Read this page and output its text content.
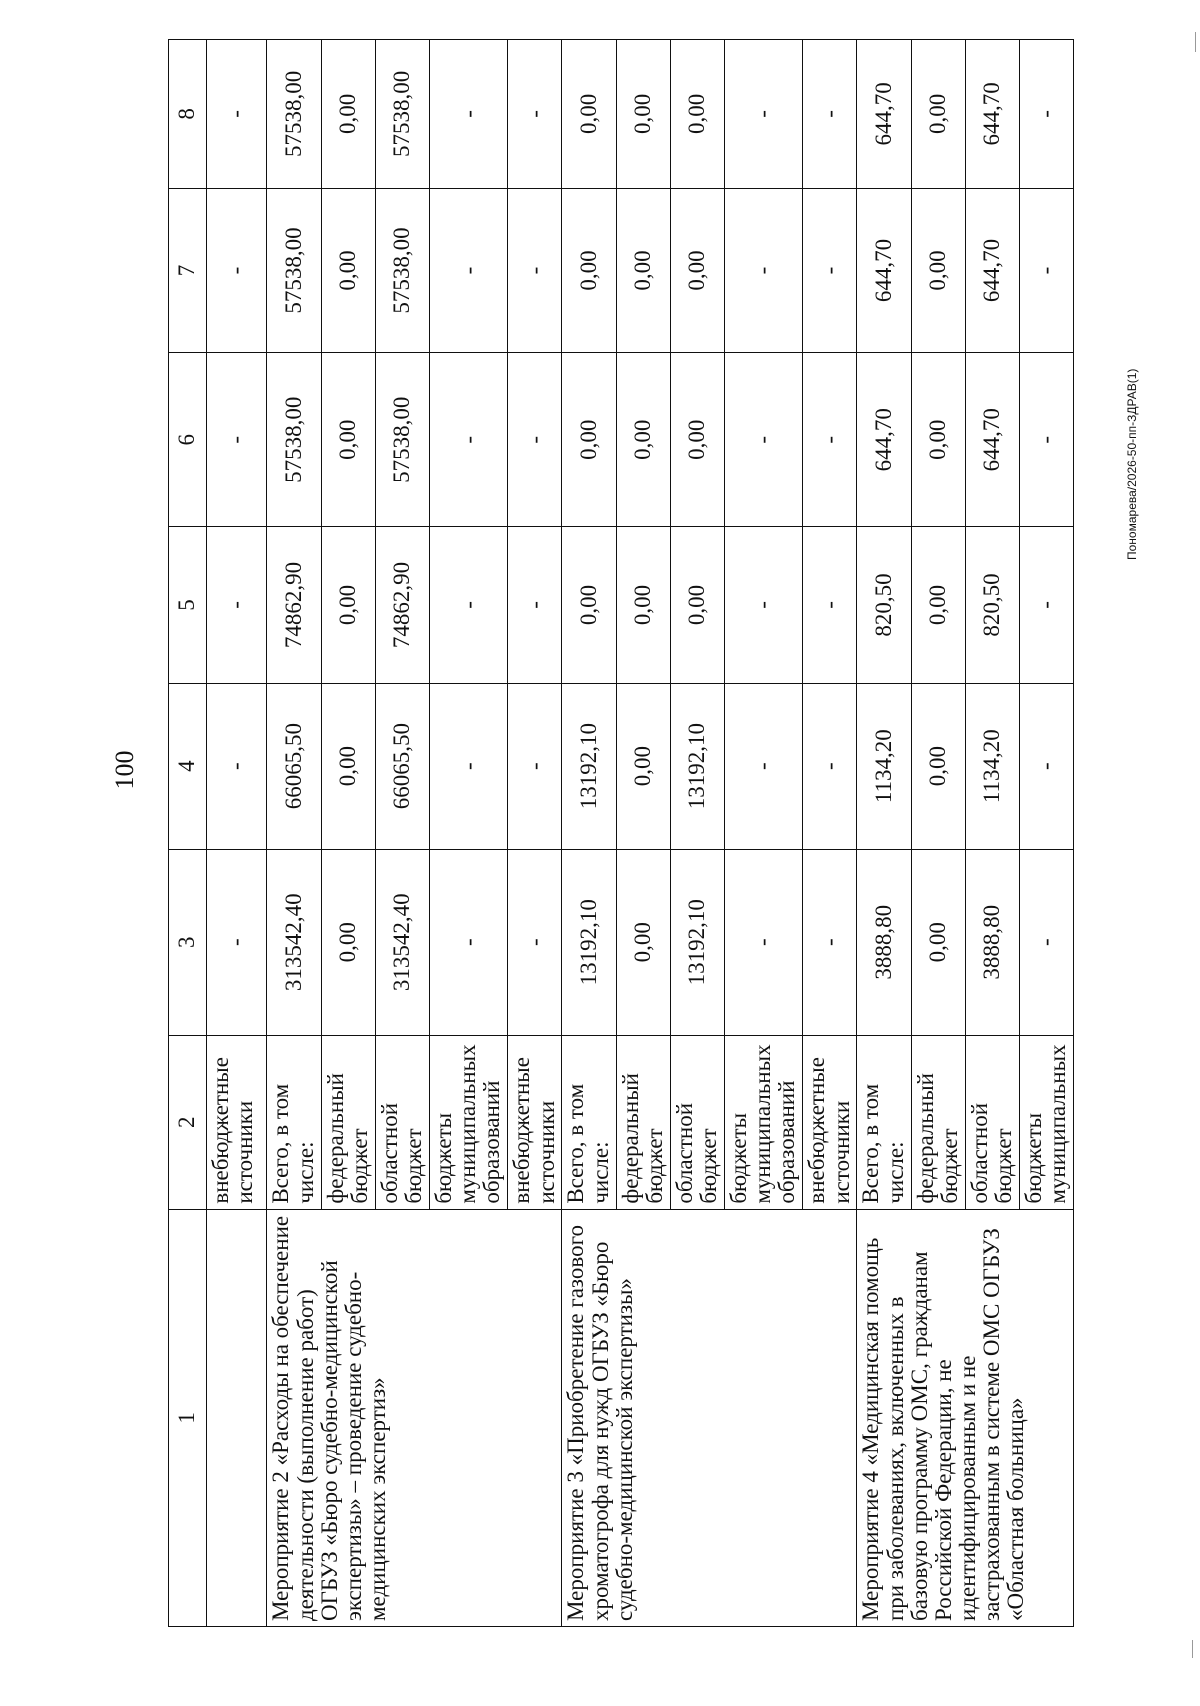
100
1	2	3	4	5	6	7	8
	внебюджетные источники	-	-	-	-	-	-
Мероприятие 2 «Расходы на обеспечение деятельности (выполнение работ) ОГБУЗ «Бюро судебно-медицинской экспертизы» – проведение судебно-медицинских экспертиз»	Всего, в том числе:	313542,40	66065,50	74862,90	57538,00	57538,00	57538,00
	федеральный бюджет	0,00	0,00	0,00	0,00	0,00	0,00
	областной бюджет	313542,40	66065,50	74862,90	57538,00	57538,00	57538,00
	бюджеты муниципальных образований	-	-	-	-	-	-
	внебюджетные источники	-	-	-	-	-	-
Мероприятие 3 «Приобретение газового хроматогрофа для нужд ОГБУЗ «Бюро судебно-медицинской экспертизы»	Всего, в том числе:	13192,10	13192,10	0,00	0,00	0,00	0,00
	федеральный бюджет	0,00	0,00	0,00	0,00	0,00	0,00
	областной бюджет	13192,10	13192,10	0,00	0,00	0,00	0,00
	бюджеты муниципальных образований	-	-	-	-	-	-
	внебюджетные источники	-	-	-	-	-	-
Мероприятие 4 «Медицинская помощь при заболеваниях, включенных в базовую программу ОМС, гражданам Российской Федерации, не идентифицированным и не застрахованным в системе ОМС ОГБУЗ «Областная больница»	Всего, в том числе:	3888,80	1134,20	820,50	644,70	644,70	644,70
	федеральный бюджет	0,00	0,00	0,00	0,00	0,00	0,00
	областной бюджет	3888,80	1134,20	820,50	644,70	644,70	644,70
	бюджеты муниципальных	-	-	-	-	-	-
Пономарева/2026-50-пп-ЗДРАВ(1)
